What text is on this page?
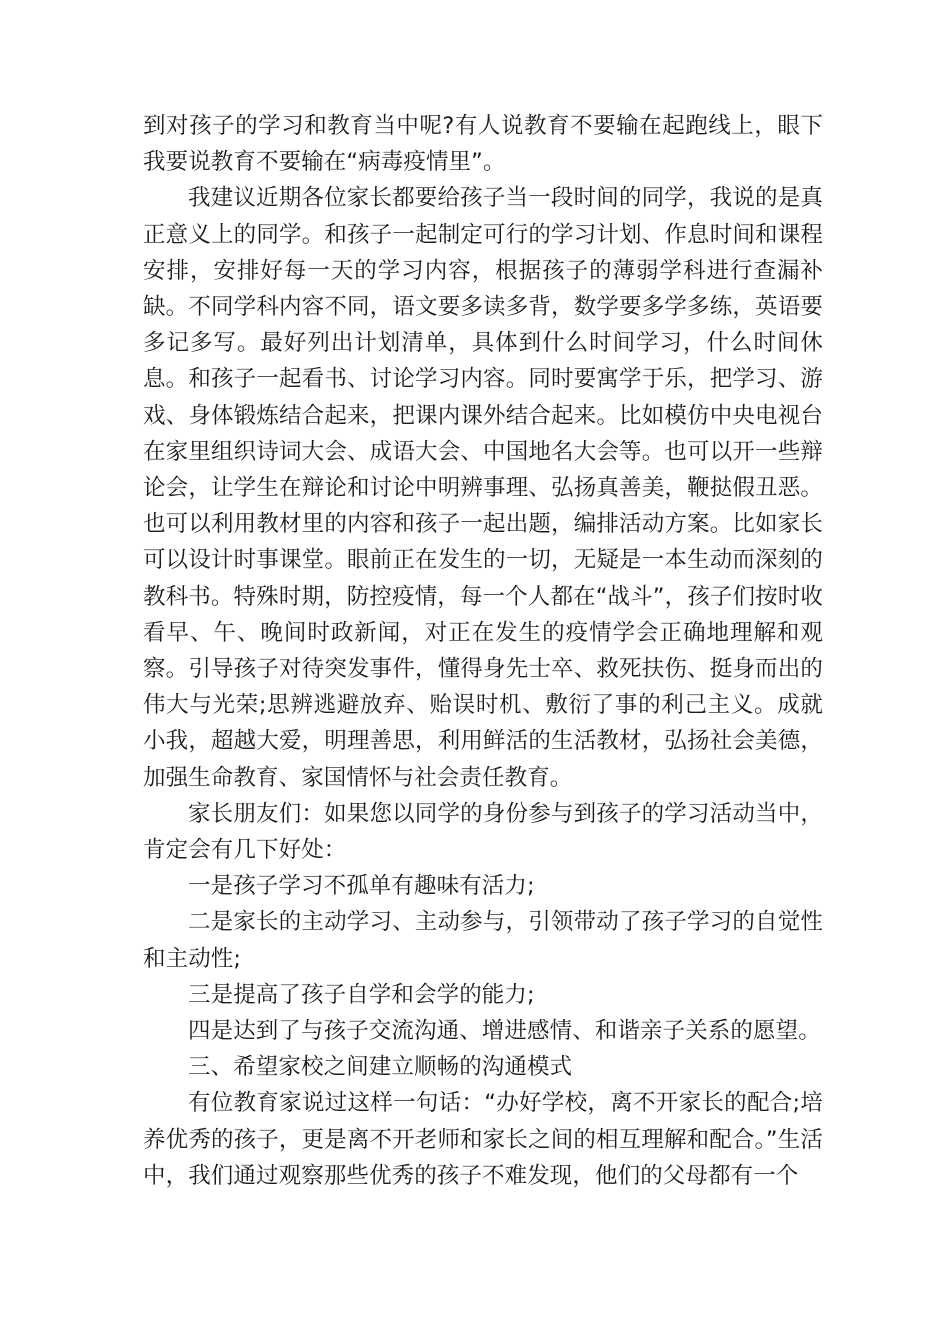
到对孩子的学习和教育当中呢?有人说教育不要输在起跑线上，眼下我要说教育不要输在“病毒疫情里”。

我建议近期各位家长都要给孩子当一段时间的同学，我说的是真正意义上的同学。和孩子一起制定可行的学习计划、作息时间和课程安排，安排好每一天的学习内容，根据孩子的薄弱学科进行查漏补缺。不同学科内容不同，语文要多读多背，数学要多学多练，英语要多记多写。最好列出计划清单，具体到什么时间学习，什么时间休息。和孩子一起看书、讨论学习内容。同时要寓学于乐，把学习、游戏、身体锻炼结合起来，把课内课外结合起来。比如模仿中央电视台在家里组织诗词大会、成语大会、中国地名大会等。也可以开一些辩论会，让学生在辩论和讨论中明辨事理、弘扬真善美，鞭挞假丑恶。也可以利用教材里的内容和孩子一起出题，编排活动方案。比如家长可以设计时事课堂。眼前正在发生的一切，无疑是一本生动而深刻的教科书。特殊时期，防控疫情，每一个人都在“战斗”，孩子们按时收看早、午、晚间时政新闻，对正在发生的疫情学会正确地理解和观察。引导孩子对待突发事件，懂得身先士卒、救死扶伤、挺身而出的伟大与光荣;思辨逃避放弃、贻误时机、敷衍了事的利己主义。成就小我，超越大爱，明理善思，利用鲜活的生活教材，弘扬社会美德，加强生命教育、家国情怀与社会责任教育。

家长朋友们：如果您以同学的身份参与到孩子的学习活动当中，肯定会有几下好处：

一是孩子学习不孤单有趣味有活力;

二是家长的主动学习、主动参与，引领带动了孩子学习的自觉性和主动性;

三是提高了孩子自学和会学的能力;

四是达到了与孩子交流沟通、增进感情、和谐亲子关系的愿望。

三、希望家校之间建立顺畅的沟通模式

有位教育家说过这样一句话：“办好学校，离不开家长的配合;培养优秀的孩子，更是离不开老师和家长之间的相互理解和配合。”生活中，我们通过观察那些优秀的孩子不难发现，他们的父母都有一个
